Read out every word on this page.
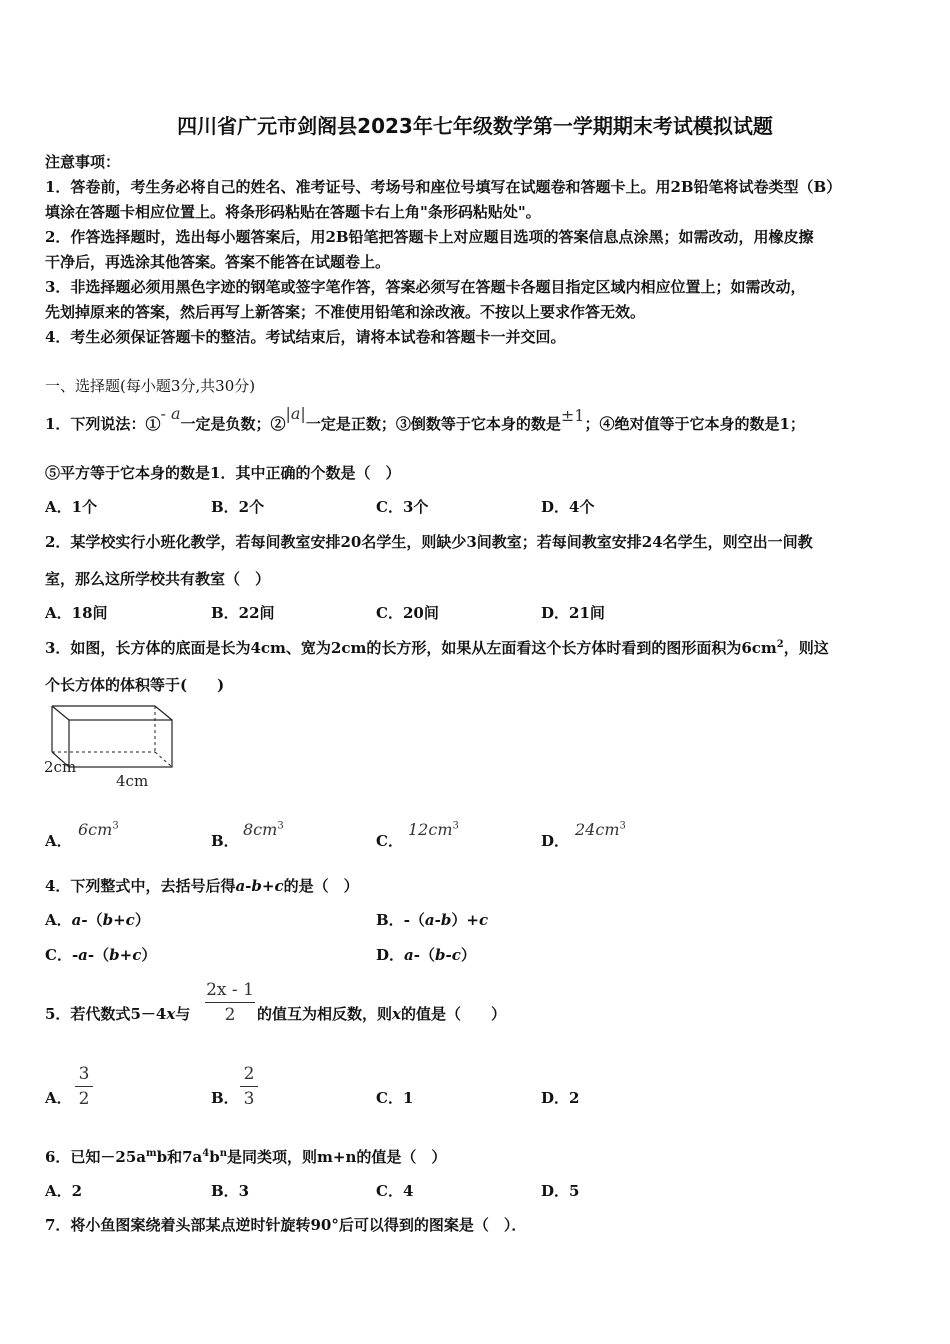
四川省广元市剑阁县2023年七年级数学第一学期期末考试模拟试题
注意事项：
1．答卷前，考生务必将自己的姓名、准考证号、考场号和座位号填写在试题卷和答题卡上。用2B铅笔将试卷类型（B）
填涂在答题卡相应位置上。将条形码粘贴在答题卡右上角"条形码粘贴处"。
2．作答选择题时，选出每小题答案后，用2B铅笔把答题卡上对应题目选项的答案信息点涂黑；如需改动，用橡皮擦
干净后，再选涂其他答案。答案不能答在试题卷上。
3．非选择题必须用黑色字迹的钢笔或签字笔作答，答案必须写在答题卡各题目指定区域内相应位置上；如需改动，
先划掉原来的答案，然后再写上新答案；不准使用铅笔和涂改液。不按以上要求作答无效。
4．考生必须保证答题卡的整洁。考试结束后，请将本试卷和答题卡一并交回。
一、选择题(每小题3分,共30分)
1．下列说法：①- a一定是负数；②|a|一定是正数；③倒数等于它本身的数是±1；④绝对值等于它本身的数是1；
⑤平方等于它本身的数是1．其中正确的个数是（　）
A．1个	B．2个	C．3个	D．4个
2．某学校实行小班化教学，若每间教室安排20名学生，则缺少3间教室；若每间教室安排24名学生，则空出一间教
室，那么这所学校共有教室（　）
A．18间	B．22间	C．20间	D．21间
3．如图，长方体的底面是长为4cm、宽为2cm的长方形，如果从左面看这个长方体时看到的图形面积为$6cm^2$，则这
个长方体的体积等于(　　)
2cm
4cm
A．
$6cm^3$
B．
$8cm^3$
C．
$12cm^3$
D．
$24cm^3$
4．下列整式中，去括号后得a-b+c的是（　）
A．a-（b+c）	B．-（a-b）+c
C．-a-（b+c）	D．a-（b-c）
5．若代数式5－4x与
2x - 1
2	的值互为相反数，则x的值是（　　）
A．
3
2	B．
2
3	C．1	D．2
6．已知$-25a^mb$和$7a^4b^n$是同类项，则m+n的值是（　）
A．2	B．3	C．4	D．5
7．将小鱼图案绕着头部某点逆时针旋转90°后可以得到的图案是（　）．
